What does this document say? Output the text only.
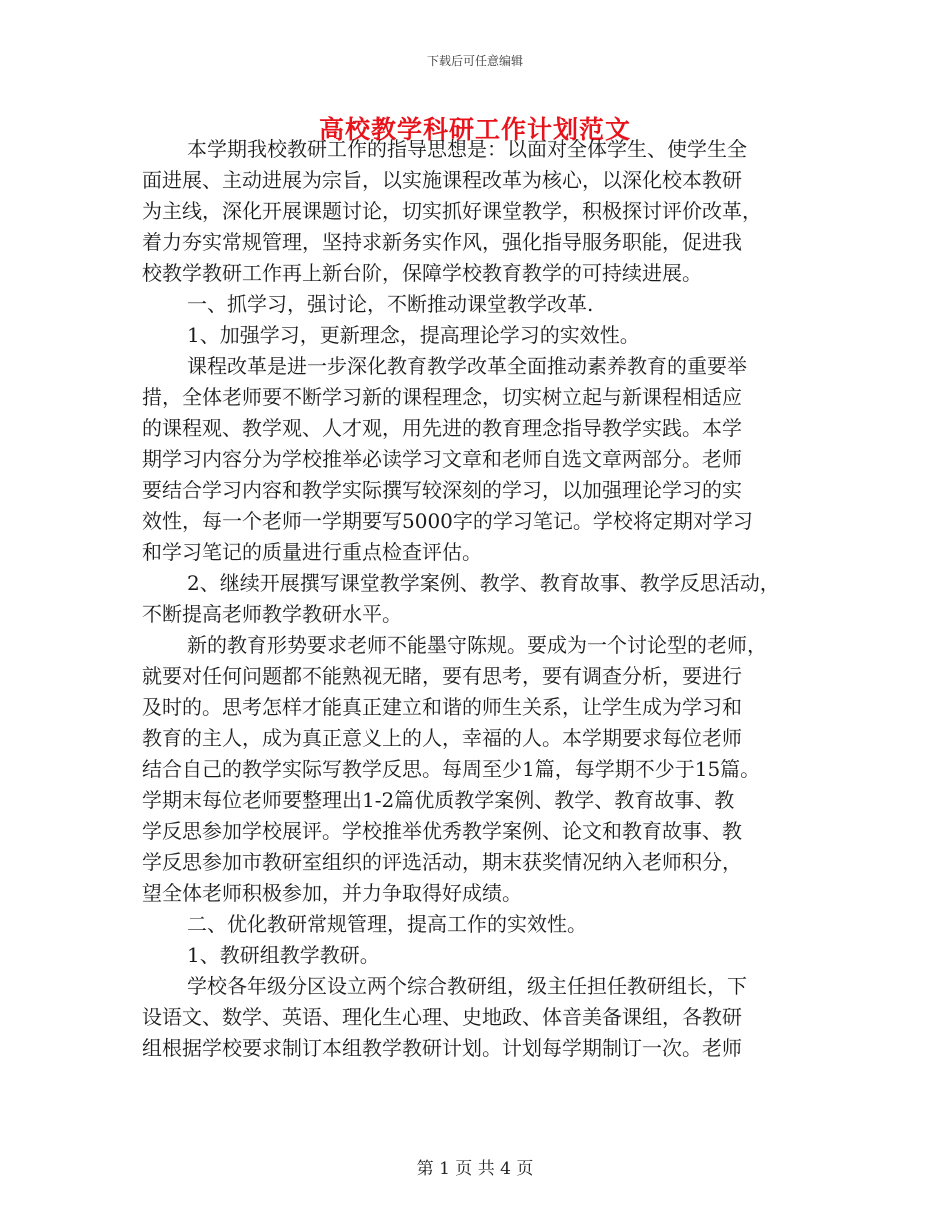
下载后可任意编辑
高校教学科研工作计划范文
本学期我校教研工作的指导思想是：以面对全体学生、使学生全
面进展、主动进展为宗旨，以实施课程改革为核心，以深化校本教研
为主线，深化开展课题讨论，切实抓好课堂教学，积极探讨评价改革，
着力夯实常规管理，坚持求新务实作风，强化指导服务职能，促进我
校教学教研工作再上新台阶，保障学校教育教学的可持续进展。
一、抓学习，强讨论，不断推动课堂教学改革.
1、加强学习，更新理念，提高理论学习的实效性。
课程改革是进一步深化教育教学改革全面推动素养教育的重要举
措，全体老师要不断学习新的课程理念，切实树立起与新课程相适应
的课程观、教学观、人才观，用先进的教育理念指导教学实践。本学
期学习内容分为学校推举必读学习文章和老师自选文章两部分。老师
要结合学习内容和教学实际撰写较深刻的学习，以加强理论学习的实
效性，每一个老师一学期要写5000字的学习笔记。学校将定期对学习
和学习笔记的质量进行重点检查评估。
2、继续开展撰写课堂教学案例、教学、教育故事、教学反思活动，
不断提高老师教学教研水平。
新的教育形势要求老师不能墨守陈规。要成为一个讨论型的老师，
就要对任何问题都不能熟视无睹，要有思考，要有调查分析，要进行
及时的。思考怎样才能真正建立和谐的师生关系，让学生成为学习和
教育的主人，成为真正意义上的人，幸福的人。本学期要求每位老师
结合自己的教学实际写教学反思。每周至少1篇，每学期不少于15篇。
学期末每位老师要整理出1-2篇优质教学案例、教学、教育故事、教
学反思参加学校展评。学校推举优秀教学案例、论文和教育故事、教
学反思参加市教研室组织的评选活动，期末获奖情况纳入老师积分，
望全体老师积极参加，并力争取得好成绩。
二、优化教研常规管理，提高工作的实效性。
1、教研组教学教研。
学校各年级分区设立两个综合教研组，级主任担任教研组长，下
设语文、数学、英语、理化生心理、史地政、体音美备课组，各教研
组根据学校要求制订本组教学教研计划。计划每学期制订一次。老师
第 1 页 共 4 页
